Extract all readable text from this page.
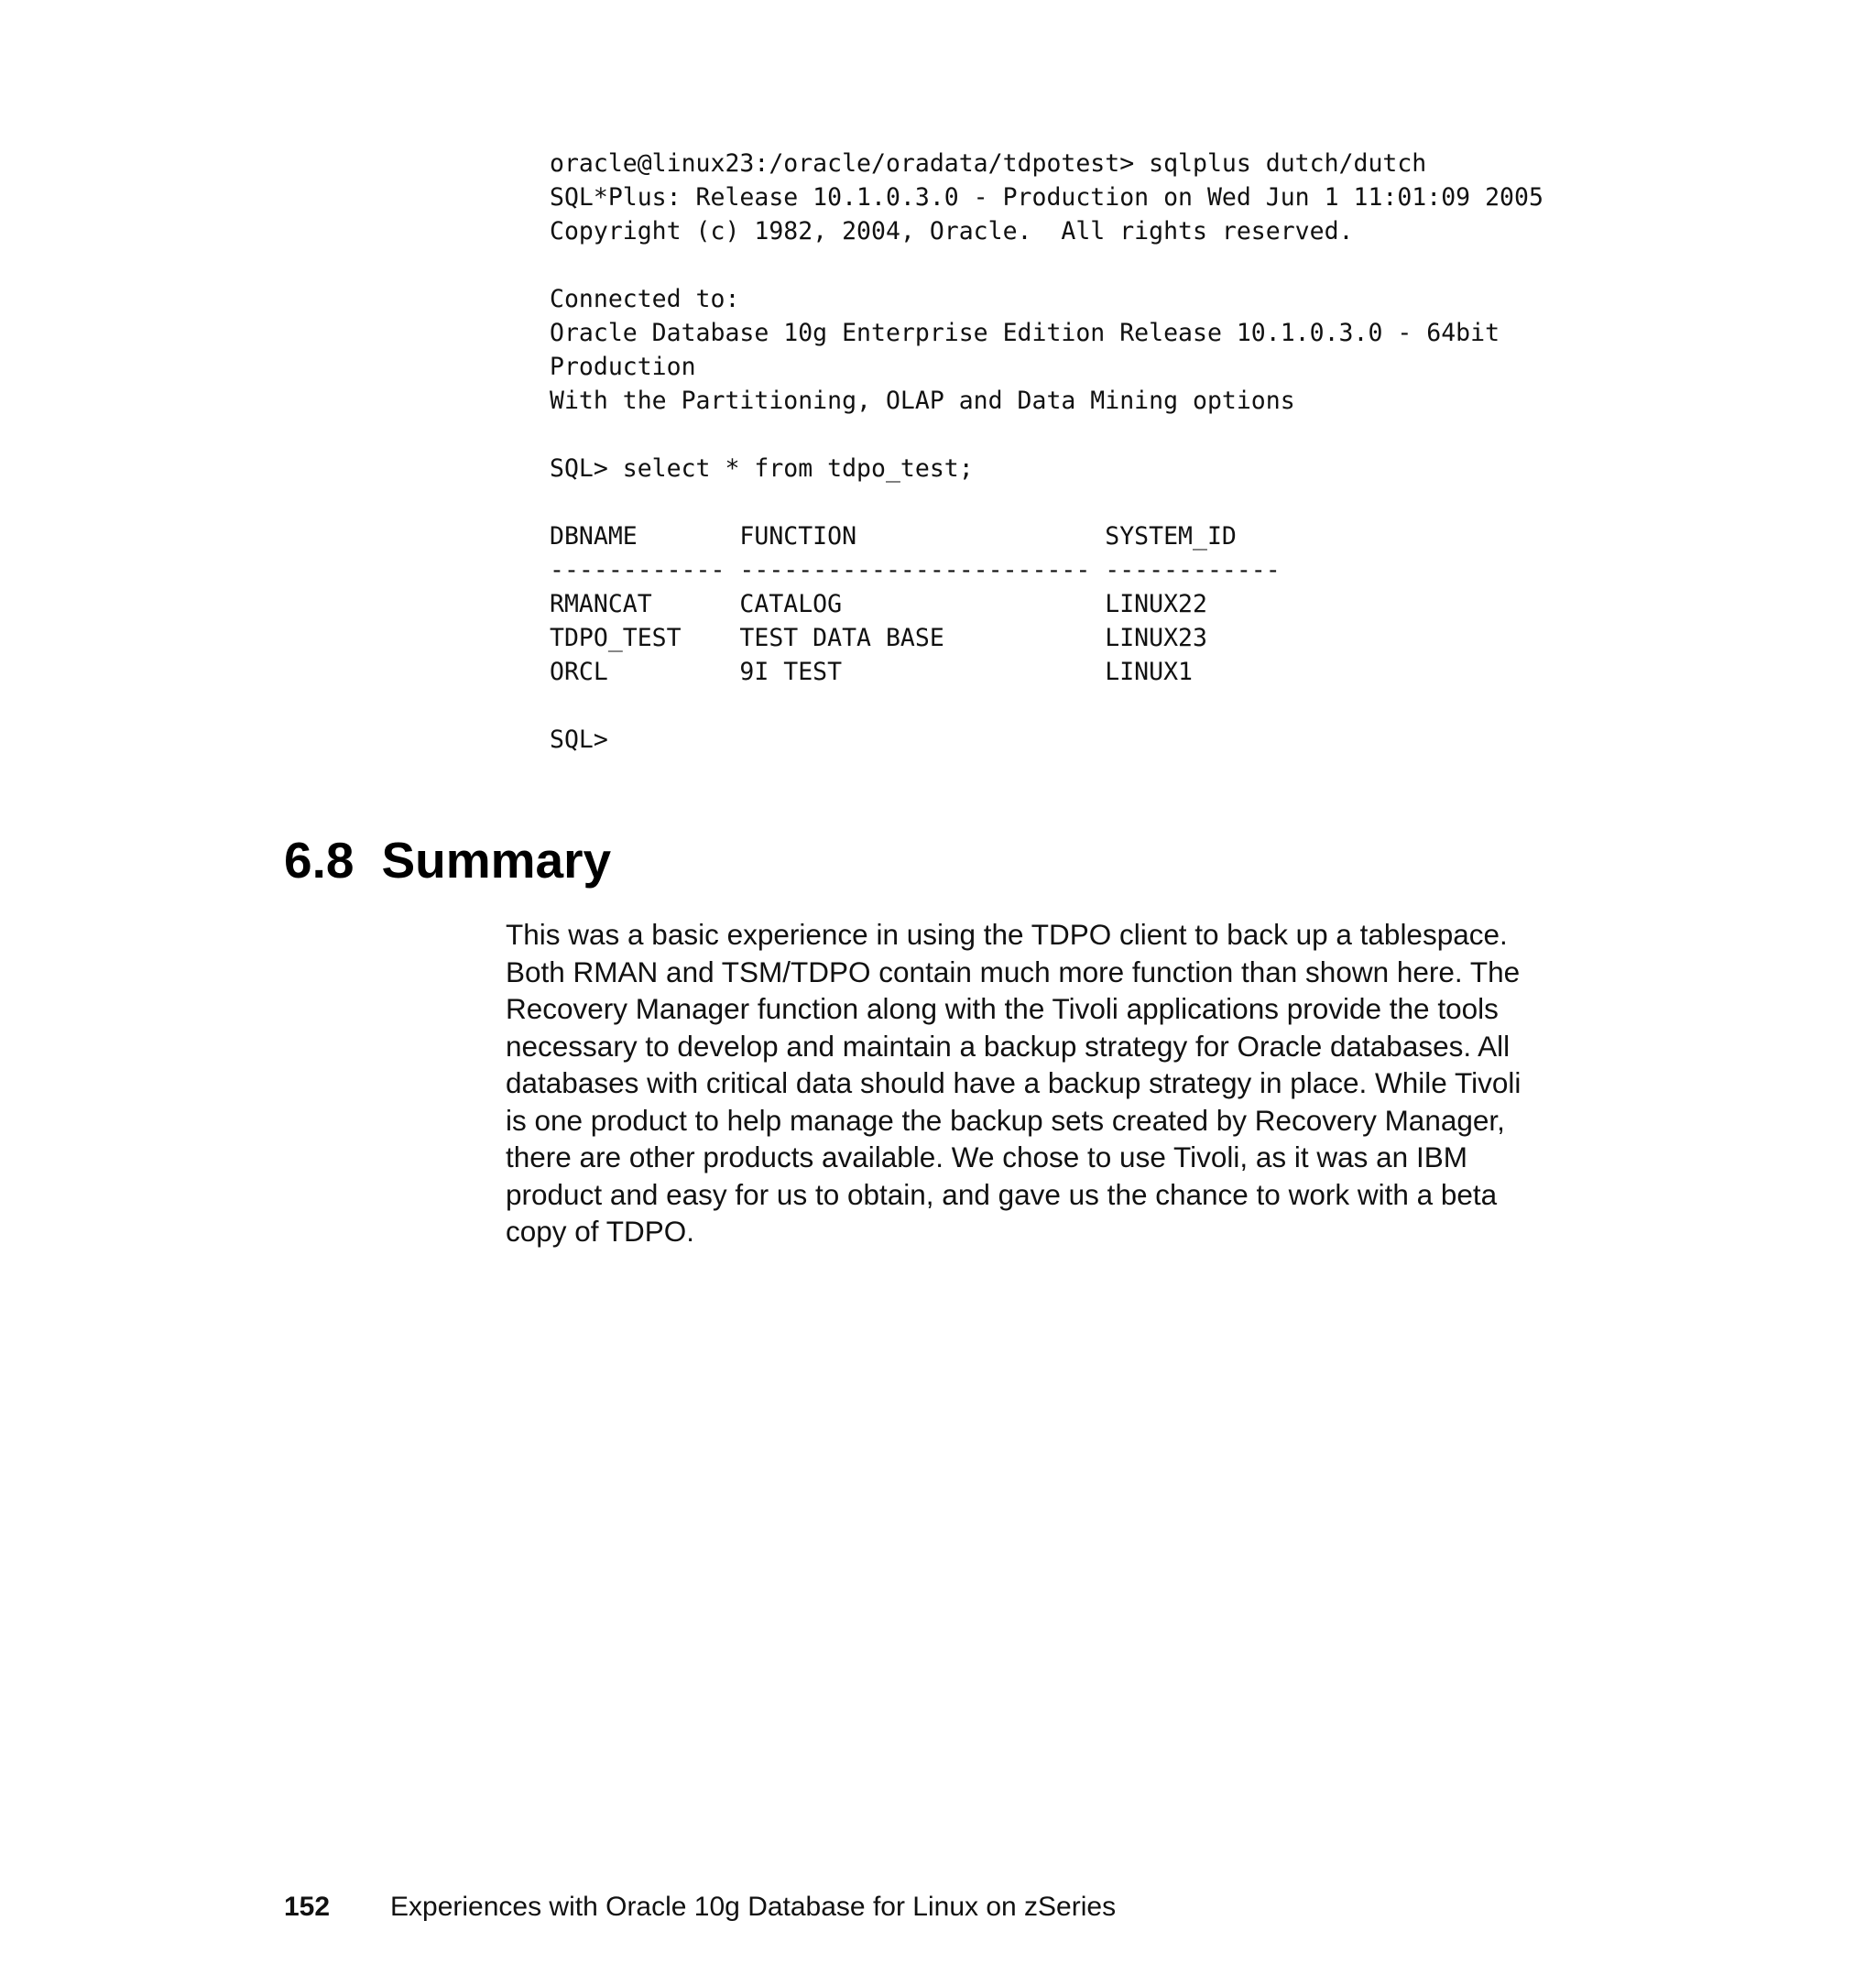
oracle@linux23:/oracle/oradata/tdpotest> sqlplus dutch/dutch
SQL*Plus: Release 10.1.0.3.0 - Production on Wed Jun 1 11:01:09 2005
Copyright (c) 1982, 2004, Oracle.  All rights reserved.
Connected to:
Oracle Database 10g Enterprise Edition Release 10.1.0.3.0 - 64bit
Production
With the Partitioning, OLAP and Data Mining options
SQL> select * from tdpo_test;
DBNAME       FUNCTION                 SYSTEM_ID
------------ ------------------------ ------------
RMANCAT      CATALOG                  LINUX22
TDPO_TEST    TEST DATA BASE           LINUX23
ORCL         9I TEST                  LINUX1
SQL>
6.8 Summary

This was a basic experience in using the TDPO client to back up a tablespace.
Both RMAN and TSM/TDPO contain much more function than shown here. The
Recovery Manager function along with the Tivoli applications provide the tools
necessary to develop and maintain a backup strategy for Oracle databases. All
databases with critical data should have a backup strategy in place. While Tivoli
is one product to help manage the backup sets created by Recovery Manager,
there are other products available. We chose to use Tivoli, as it was an IBM
product and easy for us to obtain, and gave us the chance to work with a beta
copy of TDPO.

152 Experiences with Oracle 10g Database for Linux on zSeries
